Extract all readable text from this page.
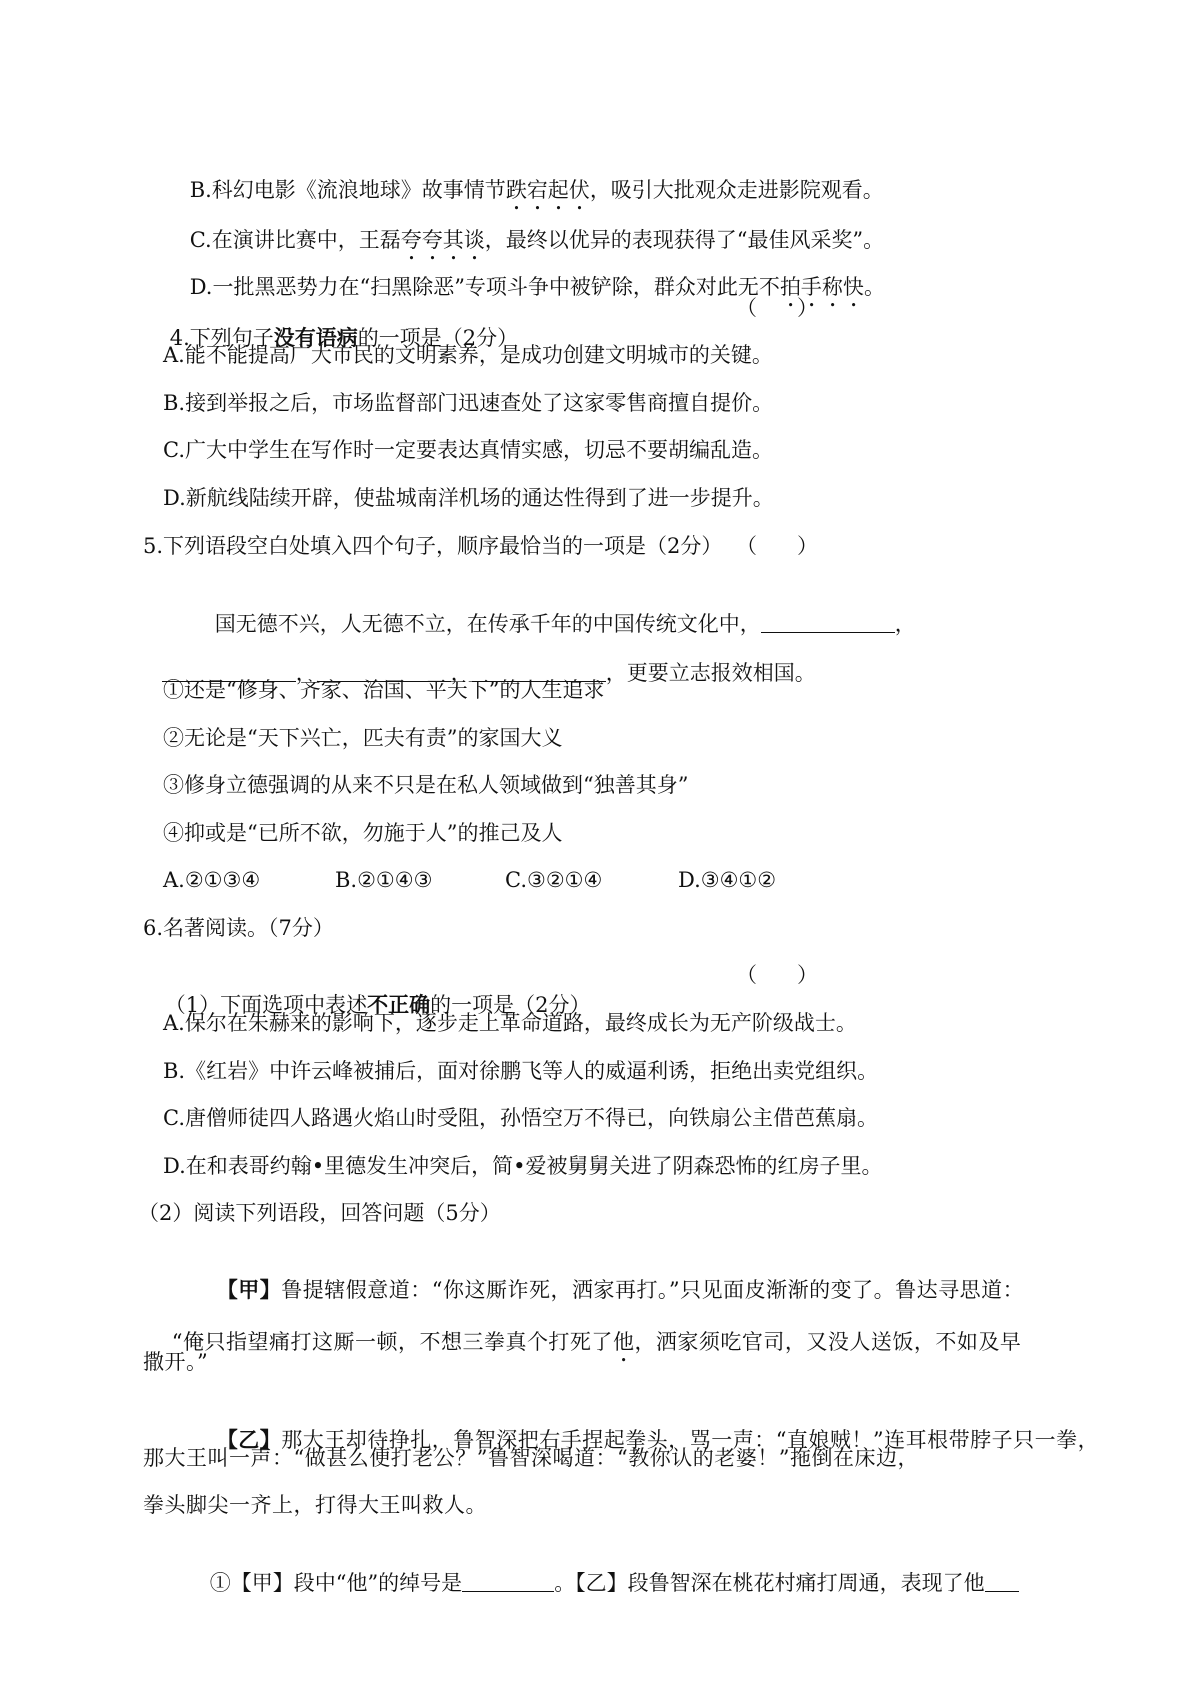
B.科幻电影《流浪地球》故事情节跌宕起伏，吸引大批观众走进影院观看。

C.在演讲比赛中，王磊夸夸其谈，最终以优异的表现获得了“最佳风采奖”。

D.一批黑恶势力在“扫黑除恶”专项斗争中被铲除，群众对此无不拍手称快。

4.下列句子没有语病的一项是（2分）

（      ）
A.能不能提高广大市民的文明素养，是成功创建文明城市的关键。
B.接到举报之后，市场监督部门迅速查处了这家零售商擅自提价。
C.广大中学生在写作时一定要表达真情实感，切忌不要胡编乱造。
D.新航线陆续开辟，使盐城南洋机场的通达性得到了进一步提升。
5.下列语段空白处填入四个句子，顺序最恰当的一项是（2分） （      ）

国无德不兴，人无德不立，在传承千年的中国传统文化中，	，

，	，	，更要立志报效相国。

①还是“修身、齐家、治国、平天下”的人生追求
②无论是“天下兴亡，匹夫有责”的家国大义
③修身立德强调的从来不只是在私人领域做到“独善其身”
④抑或是“已所不欲，勿施于人”的推己及人
A.②①③④	B.②①④③	C.③②①④	D.③④①②
6.名著阅读。（7分）

（1）下面选项中表述不正确的一项是（2分）

（      ）
A.保尔在朱赫来的影响下，逐步走上革命道路，最终成长为无产阶级战士。
B.《红岩》中许云峰被捕后，面对徐鹏飞等人的威逼利诱，拒绝出卖党组织。
C.唐僧师徒四人路遇火焰山时受阻，孙悟空万不得已，向铁扇公主借芭蕉扇。
D.在和表哥约翰•里德发生冲突后，简•爱被舅舅关进了阴森恐怖的红房子里。
（2）阅读下列语段，回答问题（5分）

【甲】鲁提辖假意道：“你这厮诈死，洒家再打。”只见面皮渐渐的变了。鲁达寻思道：

“俺只指望痛打这厮一顿，不想三拳真个打死了他，洒家须吃官司，又没人送饭，不如及早

撒开。”

【乙】那大王却待挣扎，鲁智深把右手捏起拳头，骂一声：“直娘贼！”连耳根带脖子只一拳，

那大王叫一声：“做甚么便打老公？”鲁智深喝道：“教你认的老婆！”拖倒在床边，
拳头脚尖一齐上，打得大王叫救人。

①【甲】段中“他”的绰号是	。【乙】段鲁智深在桃花村痛打周通，表现了他
